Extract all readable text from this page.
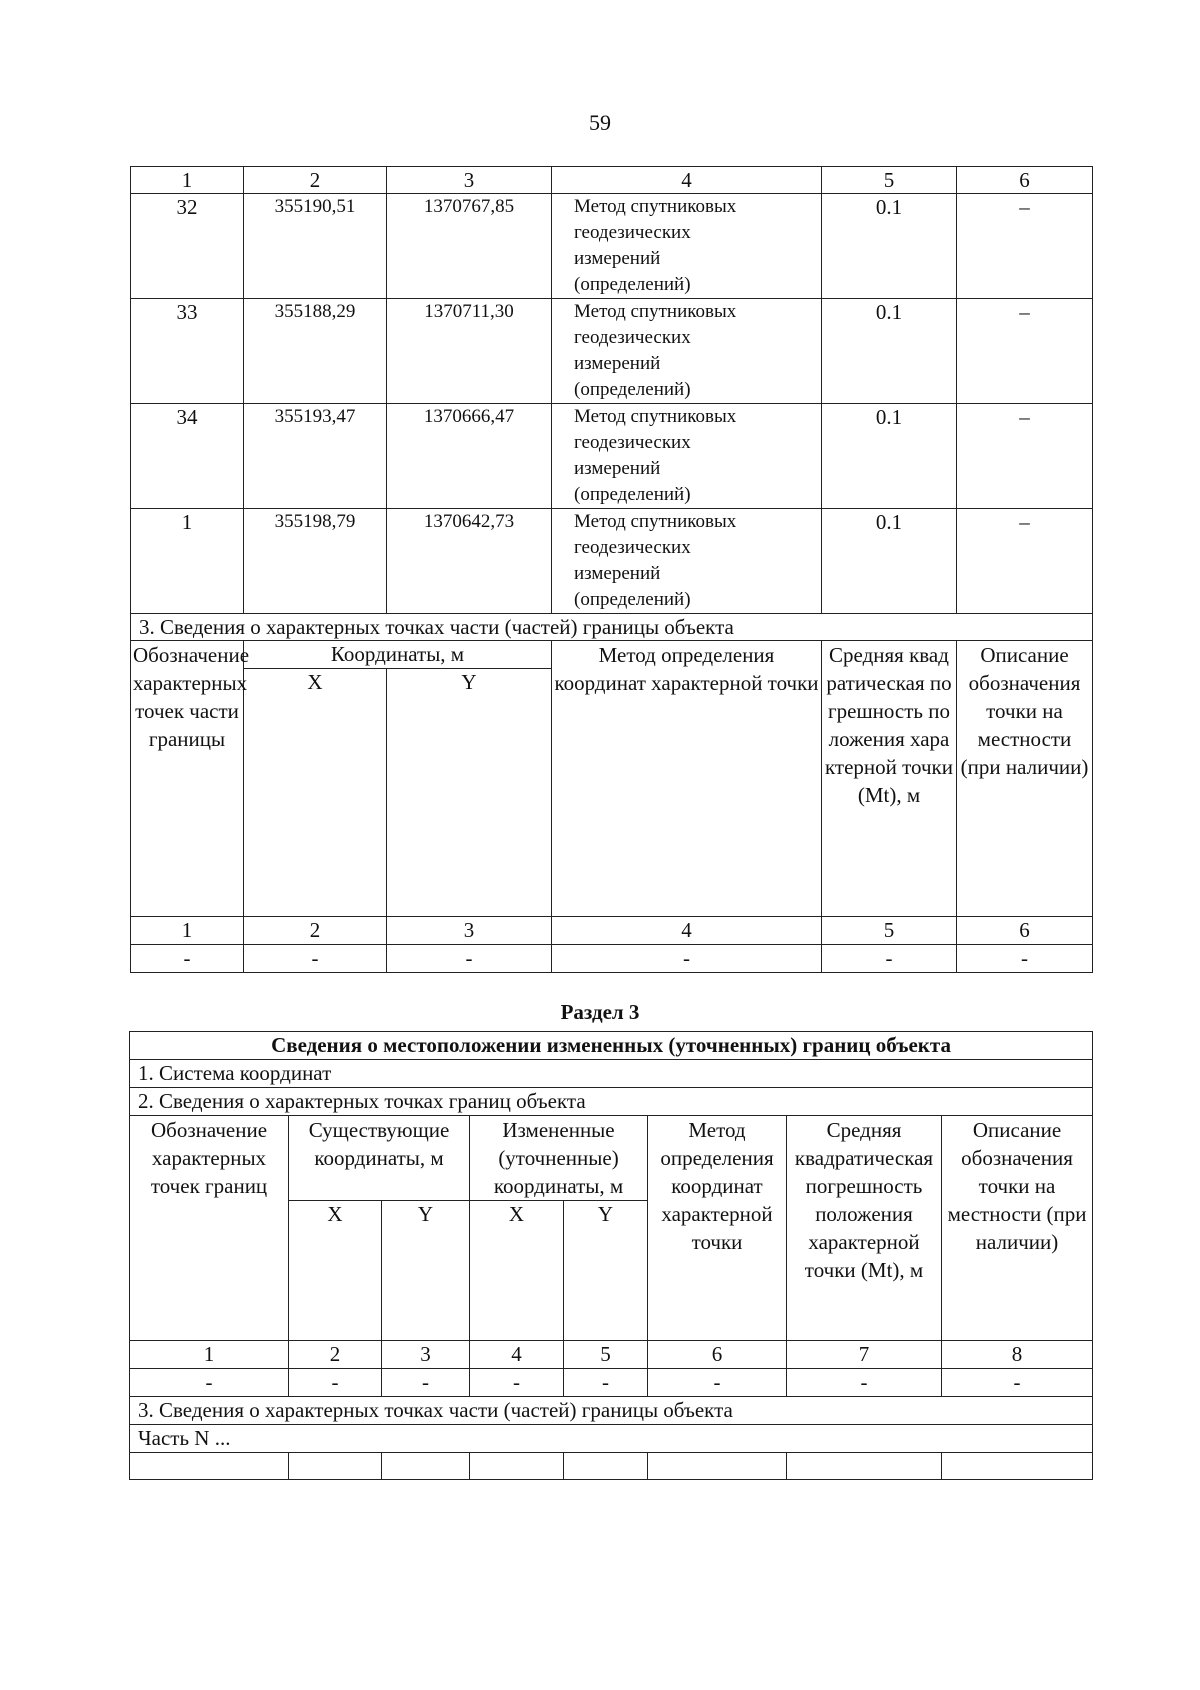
59
1	2	3	4	5	6
32	355190,51	1370767,85	Метод спутниковых
геодезических
измерений
(определений)	0.1	–
33	355188,29	1370711,30	Метод спутниковых
геодезических
измерений
(определений)	0.1	–
34	355193,47	1370666,47	Метод спутниковых
геодезических
измерений
(определений)	0.1	–
1	355198,79	1370642,73	Метод спутниковых
геодезических
измерений
(определений)	0.1	–
3. Сведения о характерных точках части (частей) границы объекта					
Обозначение характерных точек части границы	Координаты, м		Метод определения координат характерной точки	Средняя квадратическая погрешность положения характерной точки (Mt), м	Описание обозначения точки на местности (при наличии)
	X	Y			
1	2	3	4	5	6
-	-	-	-	-	-
Раздел 3
Сведения о местоположении измененных (уточненных) границ объекта							
1. Система координат							
2. Сведения о характерных точках границ объекта							
Обозначение характерных точек границ	Существующие координаты, м		Измененные (уточненные) координаты, м		Метод определения координат характерной точки	Средняя квадратическая погрешность положения характерной точки (Mt), м	Описание обозначения точки на местности (при наличии)
	X	Y	X	Y			
1	2	3	4	5	6	7	8
-	-	-	-	-	-	-	-
3. Сведения о характерных точках части (частей) границы объекта							
Часть N ...							
